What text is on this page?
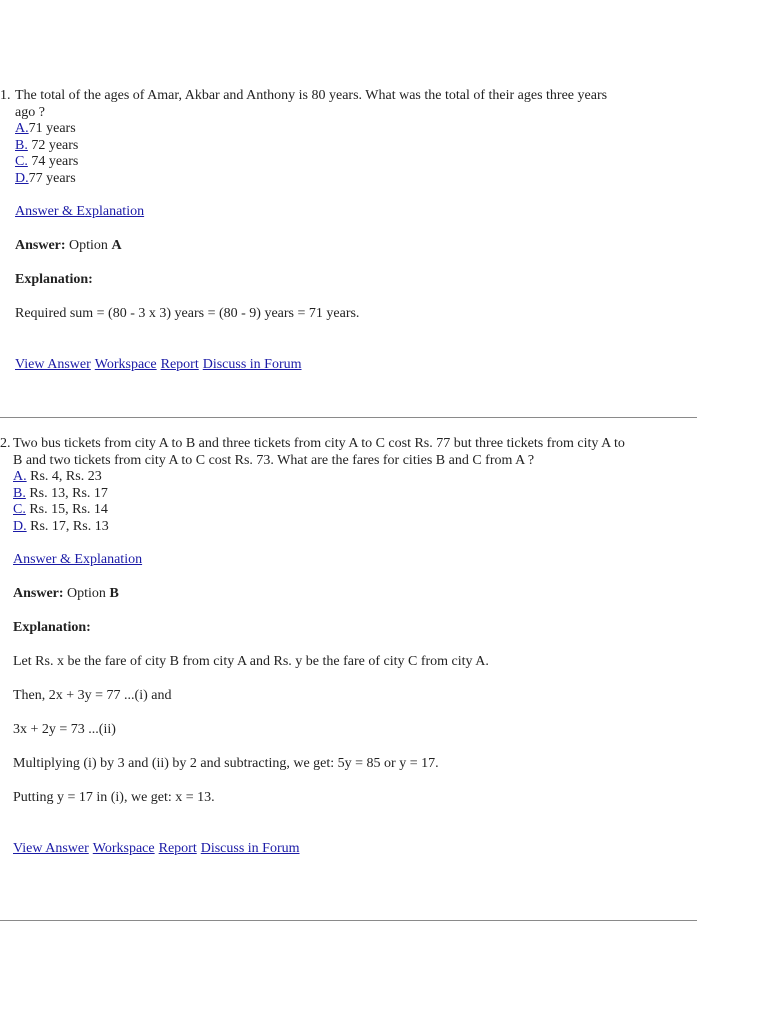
1. The total of the ages of Amar, Akbar and Anthony is 80 years. What was the total of their ages three years ago ?
A.71 years
B. 72 years
C. 74 years
D.77 years

Answer & Explanation

Answer: Option A

Explanation:

Required sum = (80 - 3 x 3) years = (80 - 9) years = 71 years.

View Answer Workspace Report Discuss in Forum

2. Two bus tickets from city A to B and three tickets from city A to C cost Rs. 77 but three tickets from city A to B and two tickets from city A to C cost Rs. 73. What are the fares for cities B and C from A ?
A. Rs. 4, Rs. 23
B. Rs. 13, Rs. 17
C. Rs. 15, Rs. 14
D. Rs. 17, Rs. 13

Answer & Explanation

Answer: Option B

Explanation:

Let Rs. x be the fare of city B from city A and Rs. y be the fare of city C from city A.

Then, 2x + 3y = 77 ...(i) and

3x + 2y = 73 ...(ii)

Multiplying (i) by 3 and (ii) by 2 and subtracting, we get: 5y = 85 or y = 17.

Putting y = 17 in (i), we get: x = 13.

View Answer Workspace Report Discuss in Forum
